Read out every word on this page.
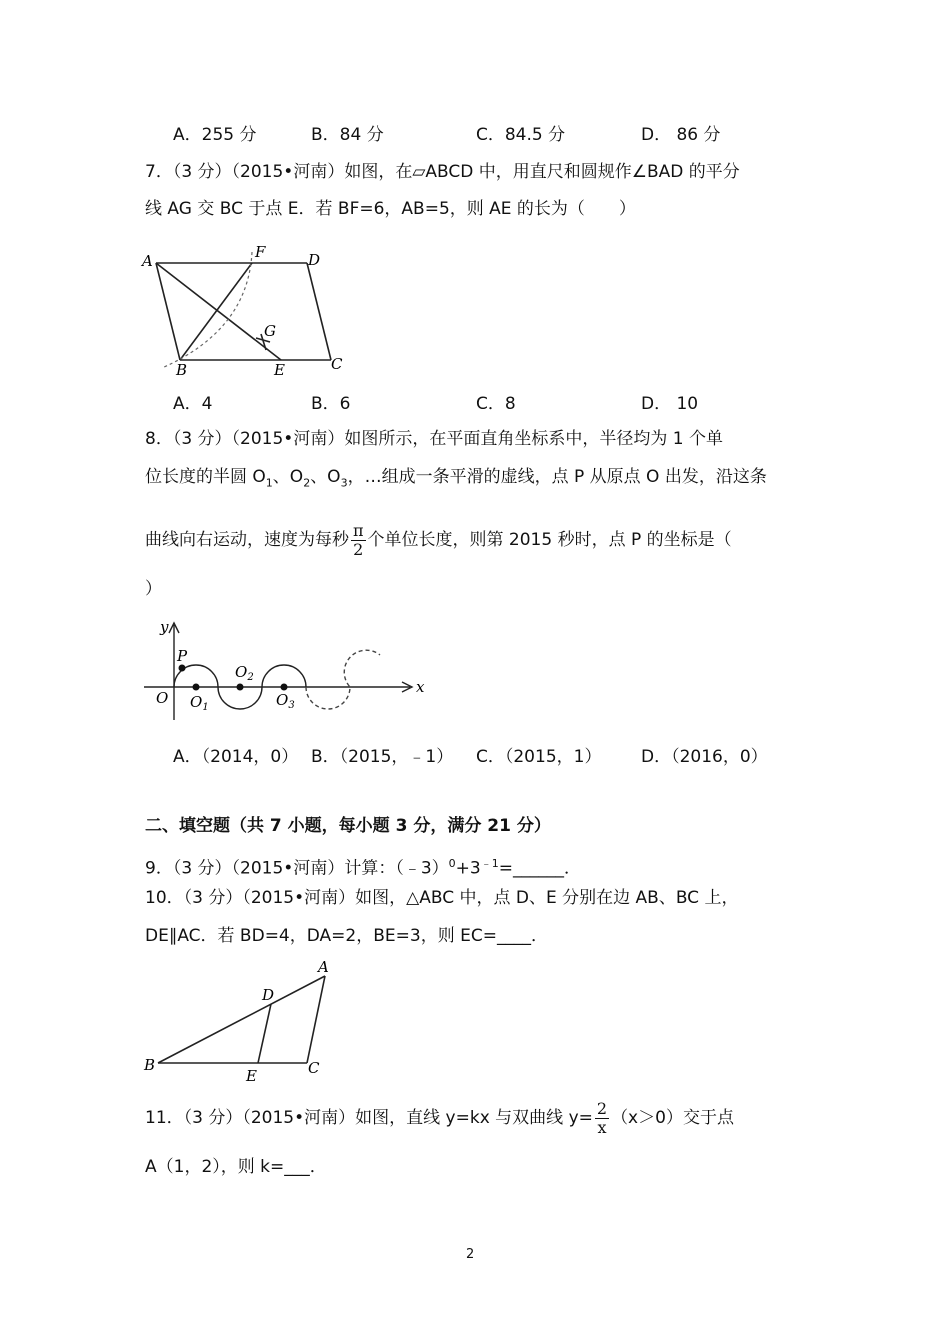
A．255 分	B．84 分	C．84.5 分	D． 86 分
7．（3 分）（2015•河南）如图，在▱ABCD 中，用直尺和圆规作∠BAD 的平分
线 AG 交 BC 于点 E．若 BF=6，AB=5，则 AE 的长为（　　）
A	F	D
G
B	E	C
A．4	B．6	C．8	D． 10
8．（3 分）（2015•河南）如图所示，在平面直角坐标系中，半径均为 1 个单
位长度的半圆 $O_1$、$O_2$、$O_3$，…组成一条平滑的虚线，点 P 从原点 O 出发，沿这条
曲线向右运动，速度为每秒 $\frac{\pi}{2}$ 个单位长度，则第 2015 秒时，点 P 的坐标是（
）
y
x
P
O $O_1$
$O_2$
$O_3$
A．（2014，0） B．（2015，﹣1） C．（2015，1） D．（2016，0）
二、填空题（共 7 小题，每小题 3 分，满分 21 分）
9．（3 分）（2015•河南）计算：$(﹣3)^0+3^{﹣1}=\_\_\_\_\_\_$．
10．（3 分）（2015•河南）如图，△ABC 中，点 D、E 分别在边 AB、BC 上，
DE∥AC．若 BD=4，DA=2，BE=3，则 EC=____．
A
D
B
E	C
11．（3 分）（2015•河南）如图，直线 y=kx 与双曲线 $y= \frac{2}{x} (x>0)$交于点
A（1，2），则 k=___．
2
